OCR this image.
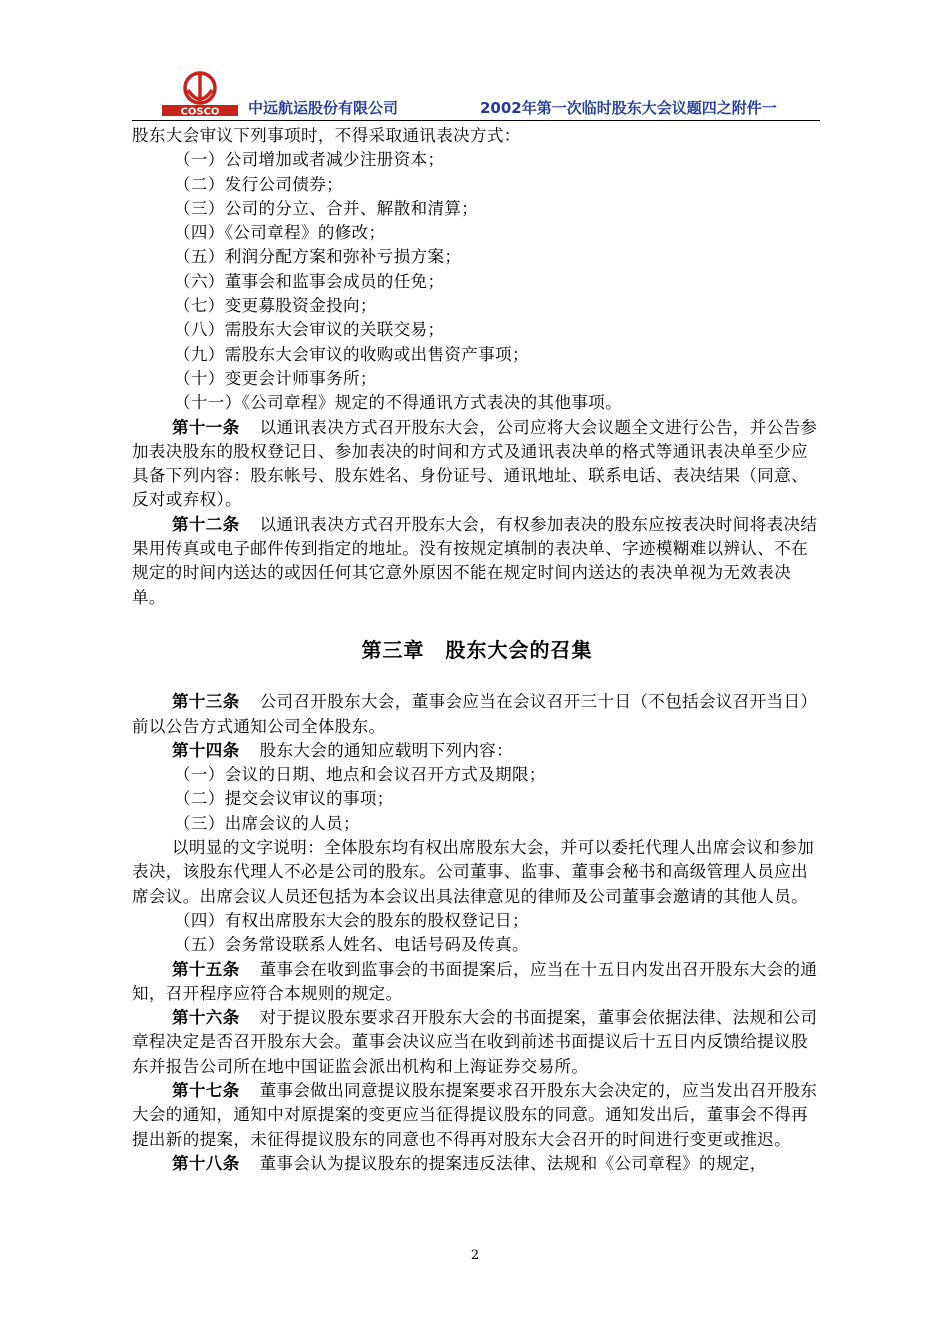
COSCO 中远航运股份有限公司	2002年第一次临时股东大会议题四之附件一

股东大会审议下列事项时，不得采取通讯表决方式：

（一）公司增加或者减少注册资本；

（二）发行公司债券；

（三）公司的分立、合并、解散和清算；

（四）《公司章程》的修改；

（五）利润分配方案和弥补亏损方案；

（六）董事会和监事会成员的任免；

（七）变更募股资金投向；

（八）需股东大会审议的关联交易；

（九）需股东大会审议的收购或出售资产事项；

（十）变更会计师事务所；

（十一）《公司章程》规定的不得通讯方式表决的其他事项。

第十一条 以通讯表决方式召开股东大会，公司应将大会议题全文进行公告，并公告参加表决股东的股权登记日、参加表决的时间和方式及通讯表决单的格式等通讯表决单至少应具备下列内容：股东帐号、股东姓名、身份证号、通讯地址、联系电话、表决结果（同意、反对或弃权）。

第十二条 以通讯表决方式召开股东大会，有权参加表决的股东应按表决时间将表决结果用传真或电子邮件传到指定的地址。没有按规定填制的表决单、字迹模糊难以辨认、不在规定的时间内送达的或因任何其它意外原因不能在规定时间内送达的表决单视为无效表决单。

第三章　股东大会的召集

第十三条 公司召开股东大会，董事会应当在会议召开三十日（不包括会议召开当日）前以公告方式通知公司全体股东。

第十四条 股东大会的通知应载明下列内容：

（一）会议的日期、地点和会议召开方式及期限；

（二）提交会议审议的事项；

（三）出席会议的人员；

以明显的文字说明：全体股东均有权出席股东大会，并可以委托代理人出席会议和参加表决，该股东代理人不必是公司的股东。公司董事、监事、董事会秘书和高级管理人员应出席会议。出席会议人员还包括为本会议出具法律意见的律师及公司董事会邀请的其他人员。

（四）有权出席股东大会的股东的股权登记日；

（五）会务常设联系人姓名、电话号码及传真。

第十五条 董事会在收到监事会的书面提案后，应当在十五日内发出召开股东大会的通知，召开程序应符合本规则的规定。

第十六条 对于提议股东要求召开股东大会的书面提案，董事会依据法律、法规和公司章程决定是否召开股东大会。董事会决议应当在收到前述书面提议后十五日内反馈给提议股东并报告公司所在地中国证监会派出机构和上海证券交易所。

第十七条 董事会做出同意提议股东提案要求召开股东大会决定的，应当发出召开股东大会的通知，通知中对原提案的变更应当征得提议股东的同意。通知发出后，董事会不得再提出新的提案，未征得提议股东的同意也不得再对股东大会召开的时间进行变更或推迟。

第十八条 董事会认为提议股东的提案违反法律、法规和《公司章程》的规定，

2
